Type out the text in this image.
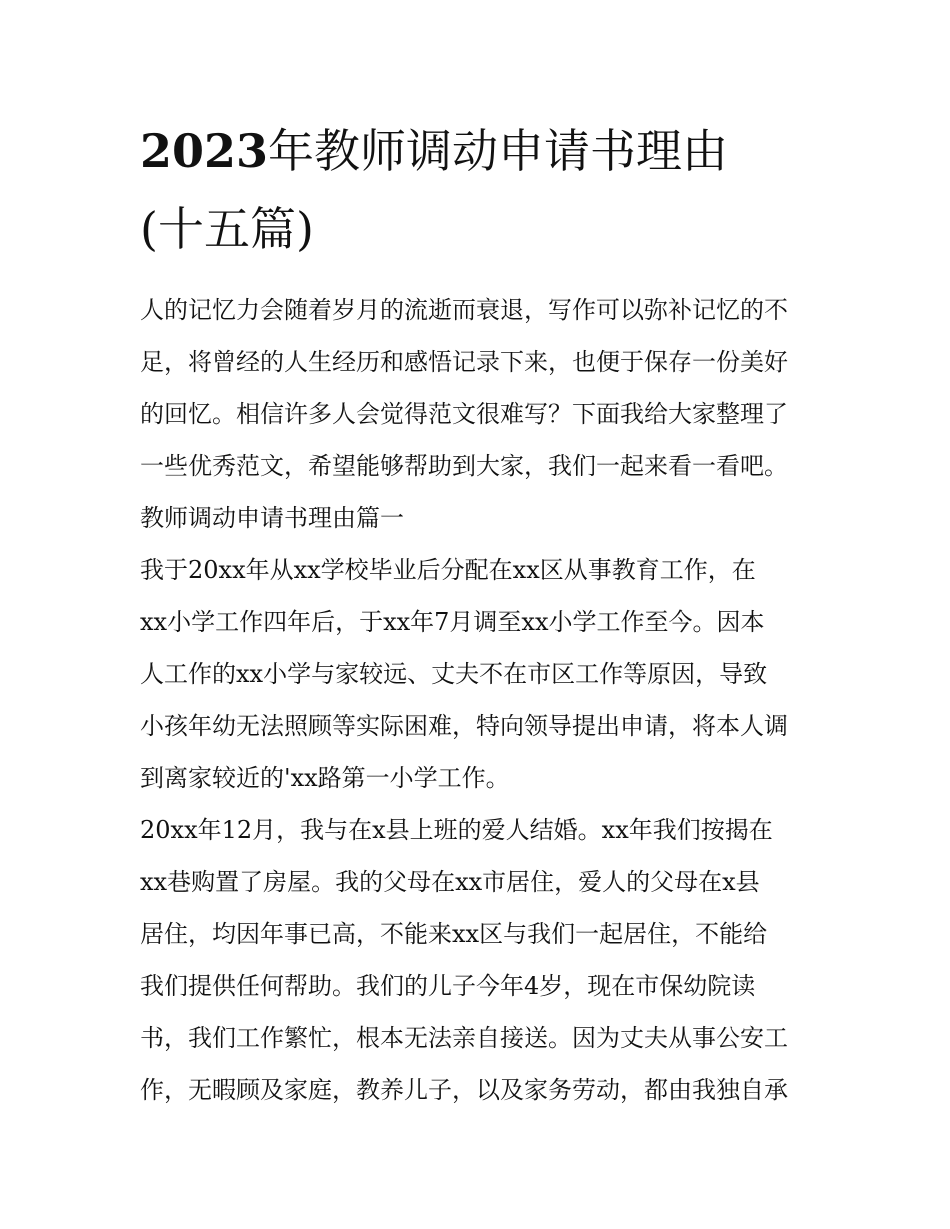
2023年教师调动申请书理由
(十五篇)

人的记忆力会随着岁月的流逝而衰退，写作可以弥补记忆的不
足，将曾经的人生经历和感悟记录下来，也便于保存一份美好
的回忆。相信许多人会觉得范文很难写？下面我给大家整理了
一些优秀范文，希望能够帮助到大家，我们一起来看一看吧。

教师调动申请书理由篇一

我于20xx年从xx学校毕业后分配在xx区从事教育工作，在
xx小学工作四年后，于xx年7月调至xx小学工作至今。因本
人工作的xx小学与家较远、丈夫不在市区工作等原因，导致
小孩年幼无法照顾等实际困难，特向领导提出申请，将本人调
到离家较近的'xx路第一小学工作。

20xx年12月，我与在x县上班的爱人结婚。xx年我们按揭在
xx巷购置了房屋。我的父母在xx市居住，爱人的父母在x县
居住，均因年事已高，不能来xx区与我们一起居住，不能给
我们提供任何帮助。我们的儿子今年4岁，现在市保幼院读
书，我们工作繁忙，根本无法亲自接送。因为丈夫从事公安工
作，无暇顾及家庭，教养儿子，以及家务劳动，都由我独自承
